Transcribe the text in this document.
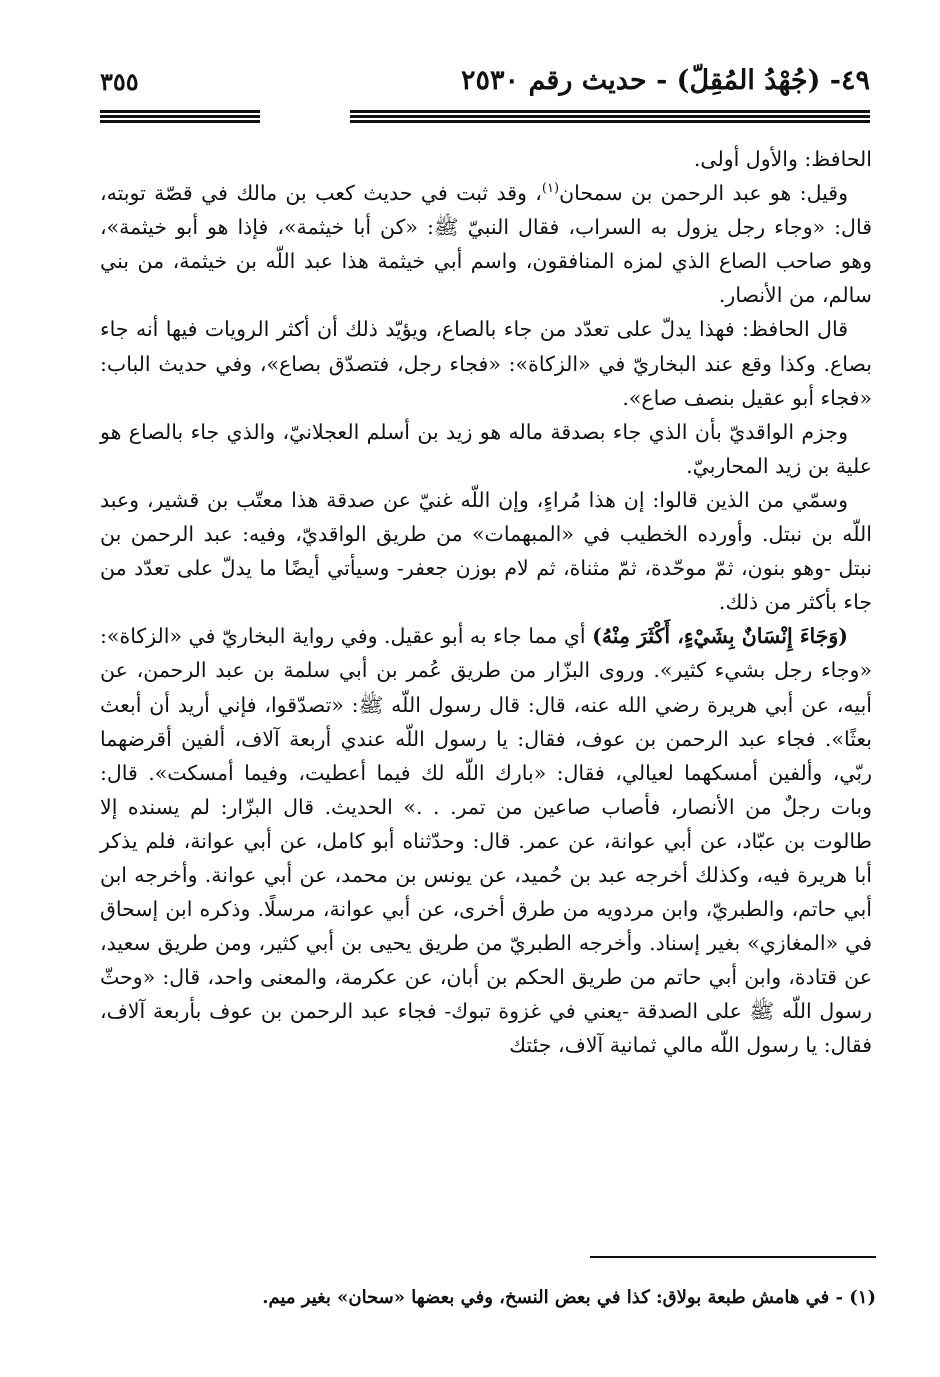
٤٩- (جُهْدُ المُقِلّ) - حديث رقم ٢٥٣٠
٣٥٥

الحافظ: والأول أولى.

وقيل: هو عبد الرحمن بن سمحان$^{(١)}$، وقد ثبت في حديث كعب بن مالك في قصّة توبته، قال: «وجاء رجل يزول به السراب، فقال النبيّ ﷺ: «كن أبا خيثمة»، فإذا هو أبو خيثمة»، وهو صاحب الصاع الذي لمزه المنافقون، واسم أبي خيثمة هذا عبد اللّه بن خيثمة، من بني سالم، من الأنصار.

قال الحافظ: فهذا يدلّ على تعدّد من جاء بالصاع، ويؤيّد ذلك أن أكثر الرويات فيها أنه جاء بصاع. وكذا وقع عند البخاريّ في «الزكاة»: «فجاء رجل، فتصدّق بصاع»، وفي حديث الباب: «فجاء أبو عقيل بنصف صاع».

وجزم الواقديّ بأن الذي جاء بصدقة ماله هو زيد بن أسلم العجلانيّ، والذي جاء بالصاع هو علية بن زيد المحاربيّ.

وسمّي من الذين قالوا: إن هذا مُراءٍ، وإن اللّه غنيّ عن صدقة هذا معتّب بن قشير، وعبد اللّه بن نبتل. وأورده الخطيب في «المبهمات» من طريق الواقديّ، وفيه: عبد الرحمن بن نبتل -وهو بنون، ثمّ موحّدة، ثمّ مثناة، ثم لام بوزن جعفر- وسيأتي أيضًا ما يدلّ على تعدّد من جاء بأكثر من ذلك.

(وَجَاءَ إِنْسَانٌ بِشَيْءٍ، أَكْثَرَ مِنْهُ) أي مما جاء به أبو عقيل. وفي رواية البخاريّ في «الزكاة»: «وجاء رجل بشيء كثير». وروى البزّار من طريق عُمر بن أبي سلمة بن عبد الرحمن، عن أبيه، عن أبي هريرة رضي الله عنه، قال: قال رسول اللّه ﷺ: «تصدّقوا، فإني أريد أن أبعث بعثًا». فجاء عبد الرحمن بن عوف، فقال: يا رسول اللّه عندي أربعة آلاف، ألفين أقرضهما ربّي، وألفين أمسكهما لعيالي، فقال: «بارك اللّه لك فيما أعطيت، وفيما أمسكت». قال: وبات رجلٌ من الأنصار، فأصاب صاعين من تمر. . .» الحديث. قال البزّار: لم يسنده إلا طالوت بن عبّاد، عن أبي عوانة، عن عمر. قال: وحدّثناه أبو كامل، عن أبي عوانة، فلم يذكر أبا هريرة فيه، وكذلك أخرجه عبد بن حُميد، عن يونس بن محمد، عن أبي عوانة. وأخرجه ابن أبي حاتم، والطبريّ، وابن مردويه من طرق أخرى، عن أبي عوانة، مرسلًا. وذكره ابن إسحاق في «المغازي» بغير إسناد. وأخرجه الطبريّ من طريق يحيى بن أبي كثير، ومن طريق سعيد، عن قتادة، وابن أبي حاتم من طريق الحكم بن أبان، عن عكرمة، والمعنى واحد، قال: «وحثّ رسول اللّه ﷺ على الصدقة -يعني في غزوة تبوك- فجاء عبد الرحمن بن عوف بأربعة آلاف، فقال: يا رسول اللّه مالي ثمانية آلاف، جئتك

(١) - في هامش طبعة بولاق: كذا في بعض النسخ، وفي بعضها «سحان» بغير ميم.
